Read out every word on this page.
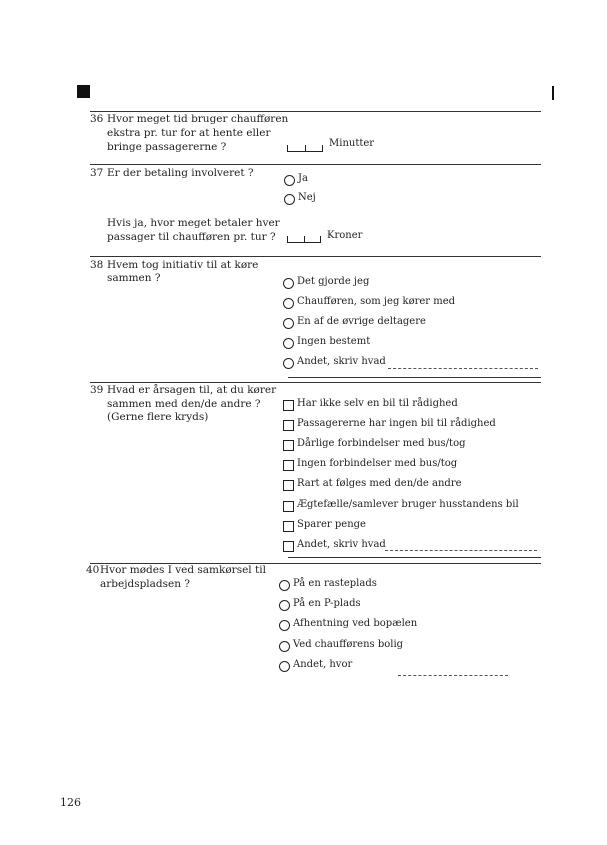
36 Hvor meget tid bruger chaufføren
ekstra pr. tur for at hente eller
bringe passagererne ?	Minutter
37 Er der betaling involveret ?	Ja
Nej
Hvis ja, hvor meget betaler hver
passager til chaufføren pr. tur ?	Kroner
38 Hvem tog initiativ til at køre
sammen ?	Det gjorde jeg
Chaufføren, som jeg kører med
En af de øvrige deltagere
Ingen bestemt
Andet, skriv hvad
39 Hvad er årsagen til, at du kører
sammen med den/de andre ?
(Gerne flere kryds)
Har ikke selv en bil til rådighed
Passagererne har ingen bil til rådighed
Dårlige forbindelser med bus/tog
Ingen forbindelser med bus/tog
Rart at følges med den/de andre
Ægtefælle/samlever bruger husstandens bil
Sparer penge
Andet, skriv hvad
40 Hvor mødes I ved samkørsel til
arbejdspladsen ?	På en rasteplads
På en P-plads
Afhentning ved bopælen
Ved chaufførens bolig
Andet, hvor
126
